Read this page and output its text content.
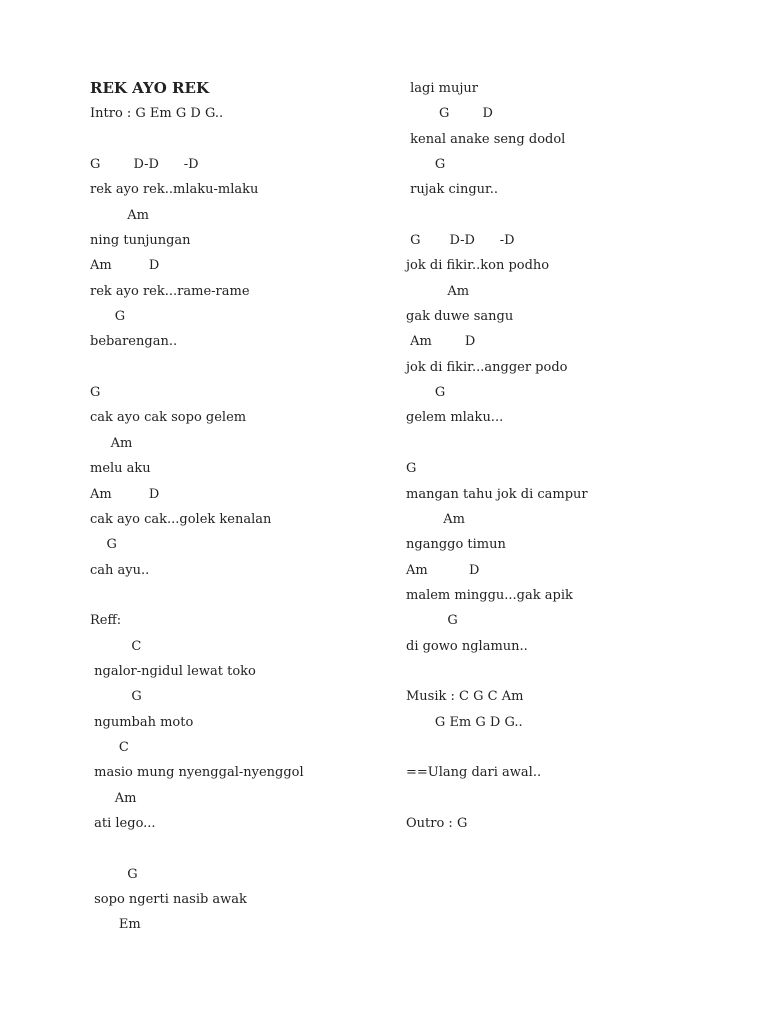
REK AYO REK
Intro : G Em G D G..
G        D-D      -D
rek ayo rek..mlaku-mlaku
Am
ning tunjungan
Am         D
rek ayo rek...rame-rame
G
bebarengan..
G
cak ayo cak sopo gelem
Am
melu aku
Am         D
cak ayo cak...golek kenalan
G
cah ayu..
Reff:
C
ngalor-ngidul lewat toko
G
ngumbah moto
C
masio mung nyenggal-nyenggol
Am
ati lego...
G
sopo ngerti nasib awak
Em
lagi mujur
G        D
kenal anake seng dodol
G
rujak cingur..
G       D-D      -D
jok di fikir..kon podho
Am
gak duwe sangu
Am        D
jok di fikir...angger podo
G
gelem mlaku...
G
mangan tahu jok di campur
Am
nganggo timun
Am          D
malem minggu...gak apik
G
di gowo nglamun..
Musik : C G C Am
G Em G D G..
==Ulang dari awal..
Outro : G
